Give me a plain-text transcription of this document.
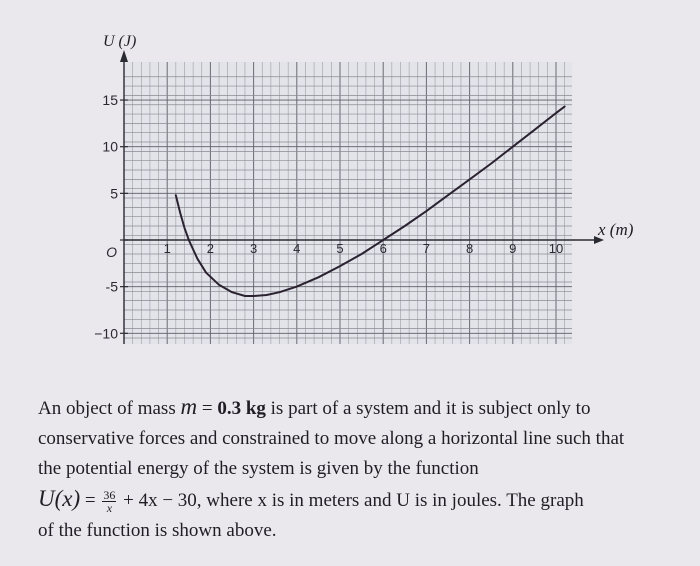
1	2	3	4	5	6	7	8	9 10
15
10
5
O
-5
−10
x (m)
U (J)

An object of mass m = 0.3 kg is part of a system and it is subject only to

conservative forces and constrained to move along a horizontal line such that

the potential energy of the system is given by the function

$U(x) = \frac{36}{x} + 4x - 30$, where x is in meters and U is in joules. The graph

of the function is shown above.
